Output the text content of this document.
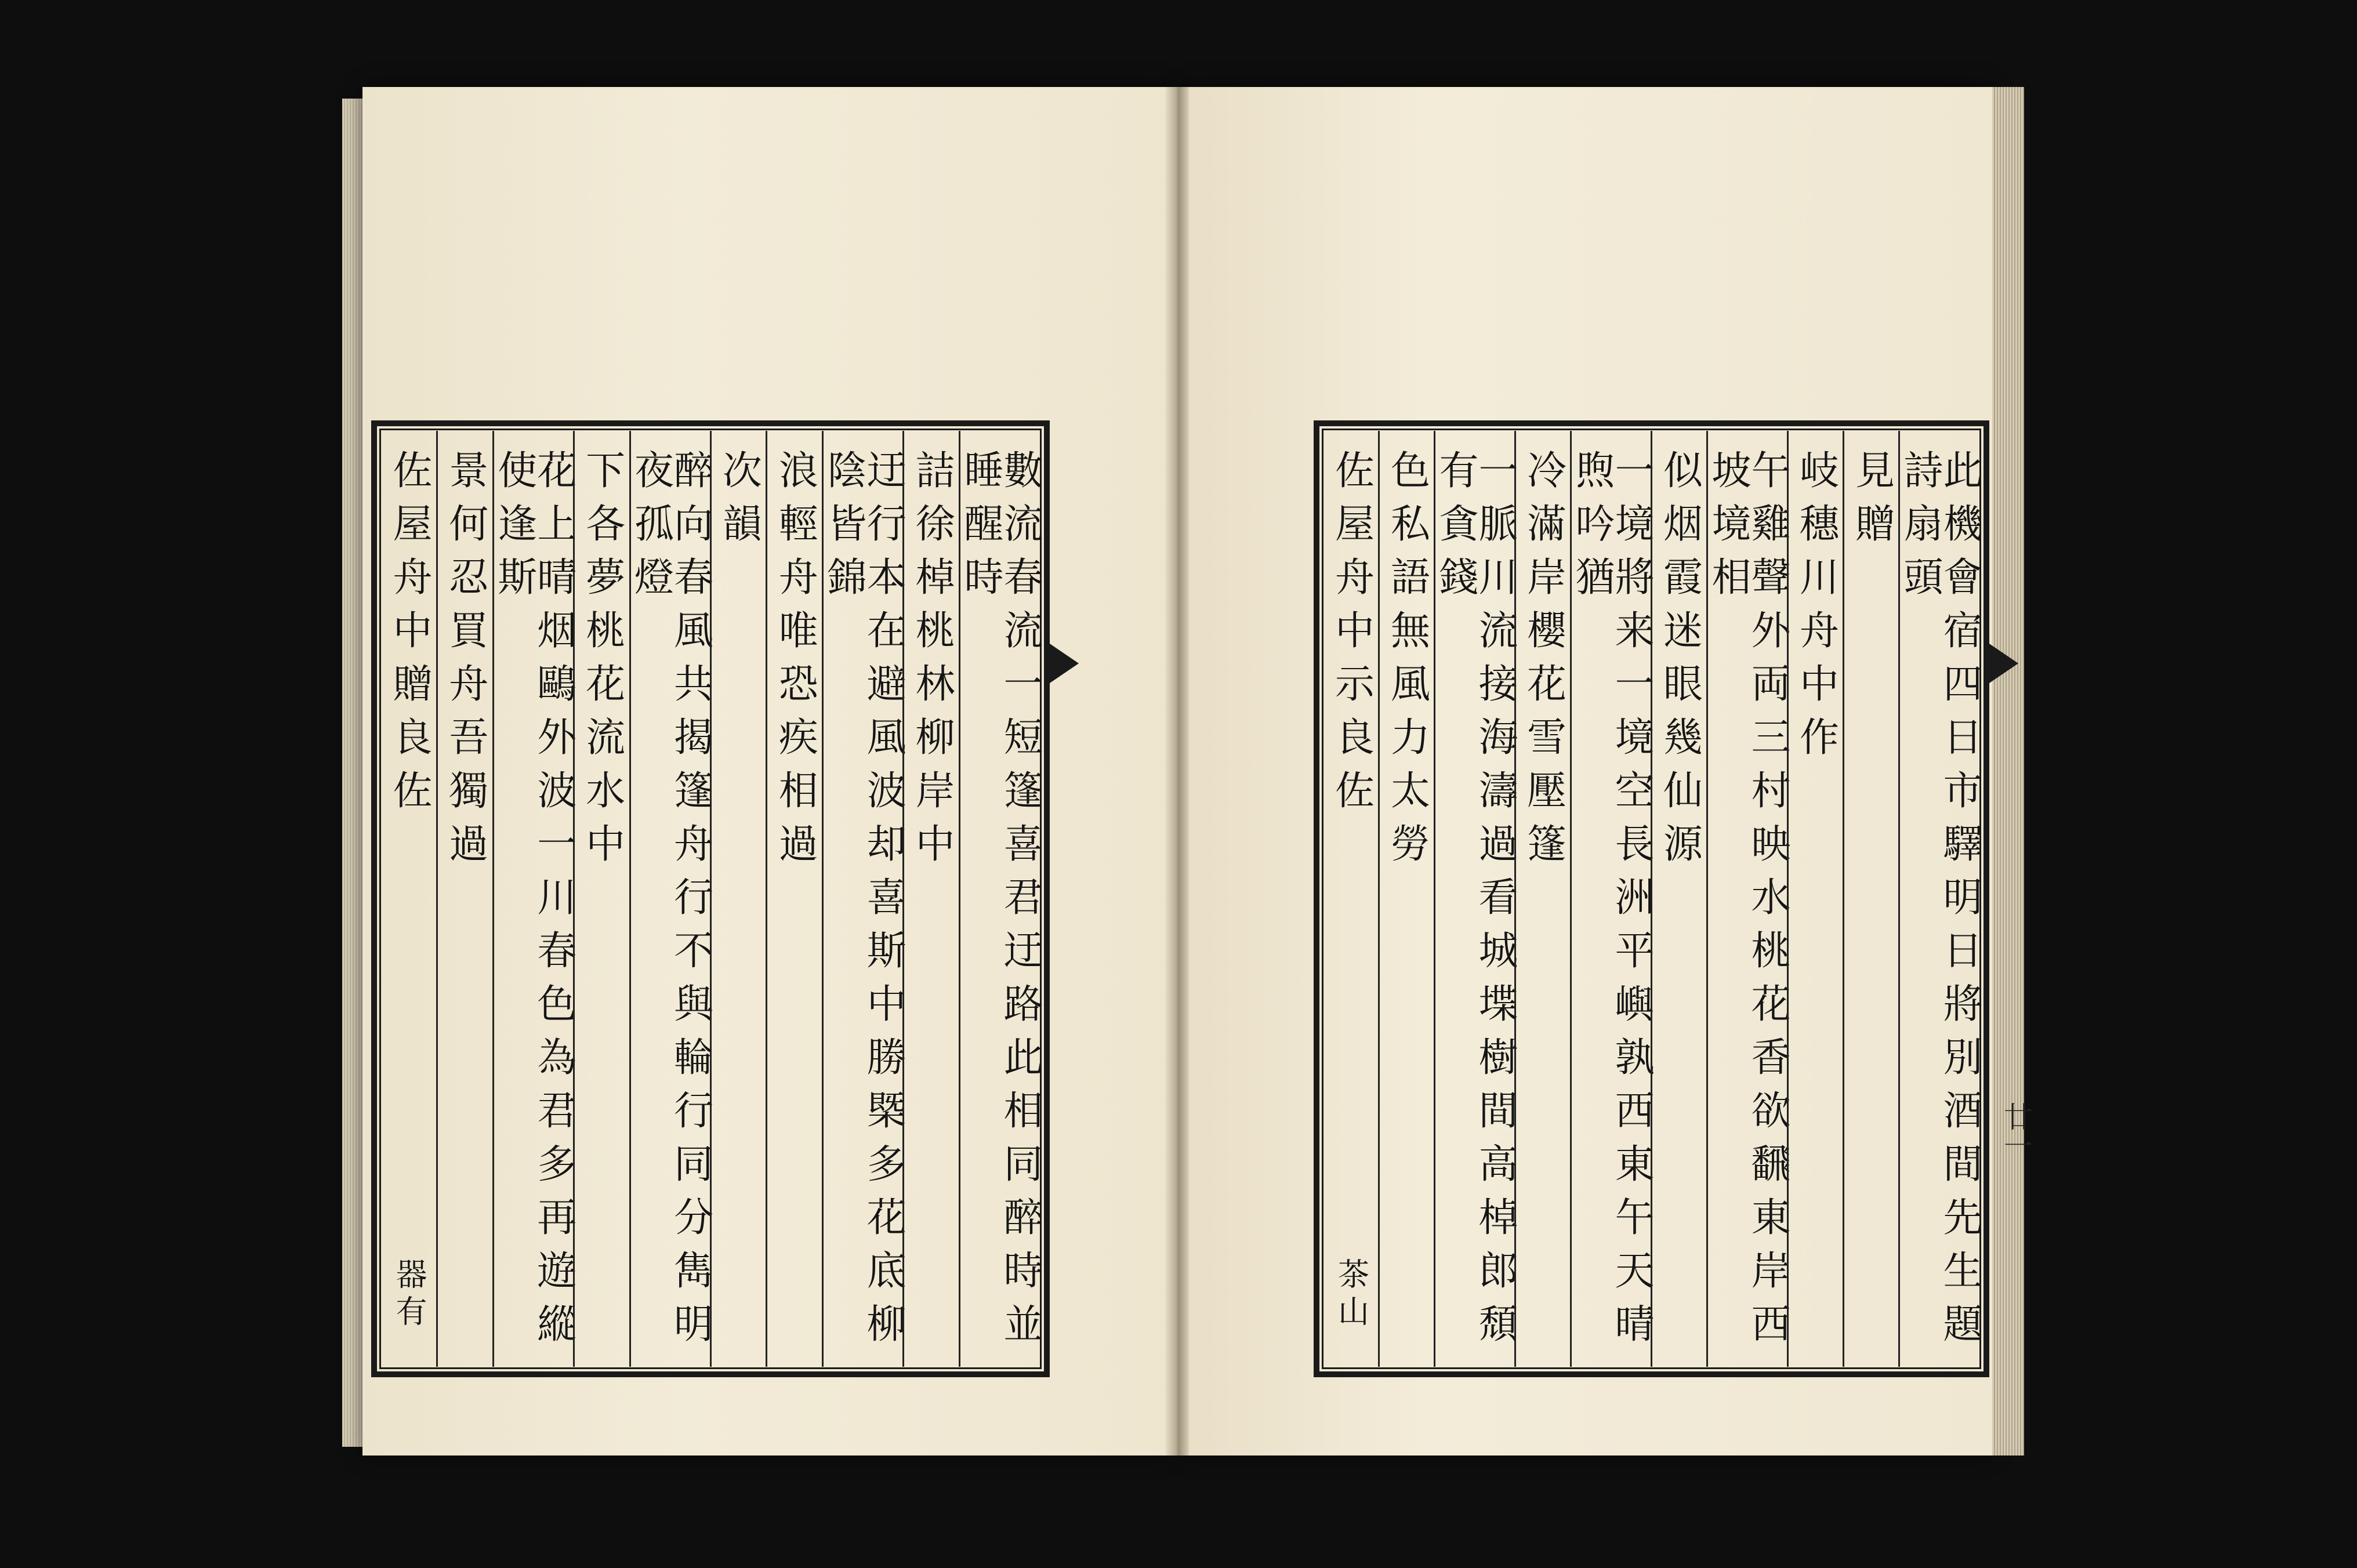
數流春流一短篷喜君迂路此相同醉時並睡醒時
詰徐棹桃林柳岸中
迂行本在避風波却喜斯中勝槩多花底柳陰皆錦
浪輕舟唯恐疾相過
次韻
醉向春風共揭篷舟行不與輪行同分雋明夜孤燈
下各夢桃花流水中
花上晴烟鷗外波一川春色為君多再遊縱使逢斯
景何忍買舟吾獨過
佐屋舟中贈良佐
器有	此機會宿四日市驛明日將別酒間先生題詩扇頭
見贈
岐穗川舟中作
午雞聲外両三村映水桃花香欲飜東岸西坡境相
似烟霞迷眼幾仙源
一境將来一境空長洲平嶼孰西東午天晴煦吟猶
冷滿岸櫻花雪壓篷
一脈川流接海濤過看城堞樹間高棹郎頹有貪錢
色私語無風力太勞
佐屋舟中示良佐
茶山
廿一
